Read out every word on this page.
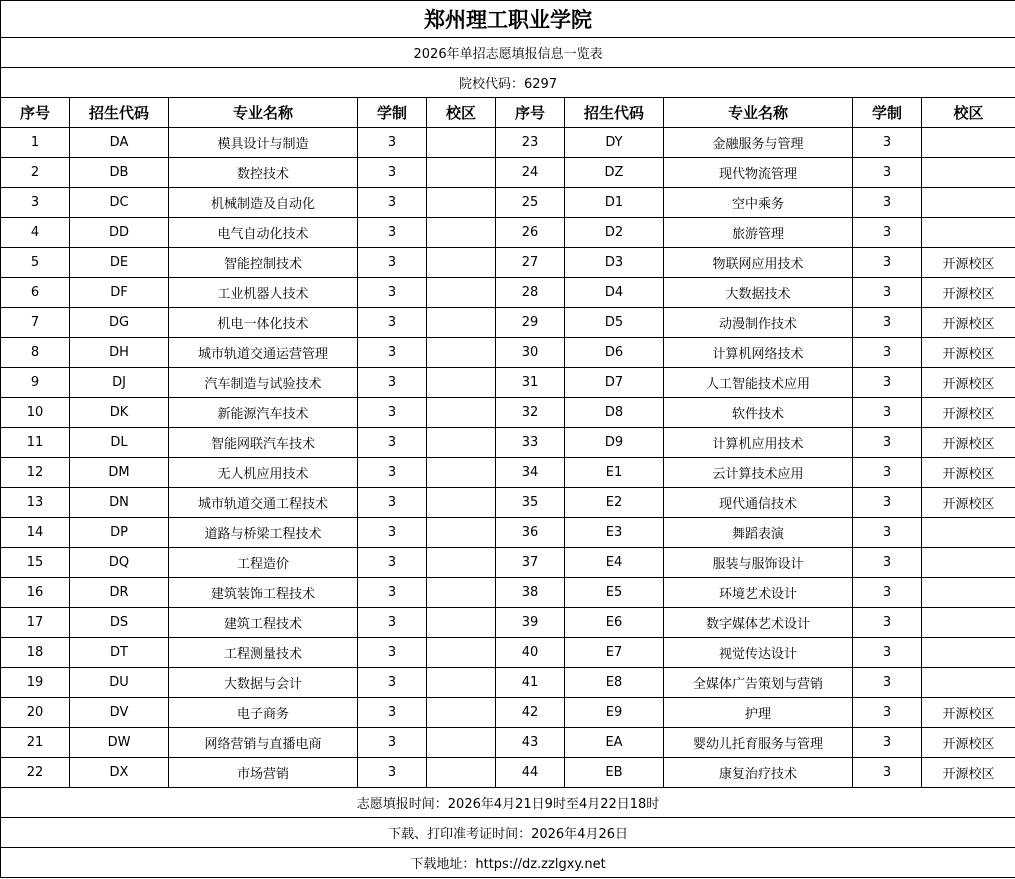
郑州理工职业学院									
2026年单招志愿填报信息一览表									
院校代码：6297									
序号	招生代码	专业名称	学制	校区	序号	招生代码	专业名称	学制	校区
1	DA	模具设计与制造	3		23	DY	金融服务与管理	3	
2	DB	数控技术	3		24	DZ	现代物流管理	3	
3	DC	机械制造及自动化	3		25	D1	空中乘务	3	
4	DD	电气自动化技术	3		26	D2	旅游管理	3	
5	DE	智能控制技术	3		27	D3	物联网应用技术	3	开源校区
6	DF	工业机器人技术	3		28	D4	大数据技术	3	开源校区
7	DG	机电一体化技术	3		29	D5	动漫制作技术	3	开源校区
8	DH	城市轨道交通运营管理	3		30	D6	计算机网络技术	3	开源校区
9	DJ	汽车制造与试验技术	3		31	D7	人工智能技术应用	3	开源校区
10	DK	新能源汽车技术	3		32	D8	软件技术	3	开源校区
11	DL	智能网联汽车技术	3		33	D9	计算机应用技术	3	开源校区
12	DM	无人机应用技术	3		34	E1	云计算技术应用	3	开源校区
13	DN	城市轨道交通工程技术	3		35	E2	现代通信技术	3	开源校区
14	DP	道路与桥梁工程技术	3		36	E3	舞蹈表演	3	
15	DQ	工程造价	3		37	E4	服装与服饰设计	3	
16	DR	建筑装饰工程技术	3		38	E5	环境艺术设计	3	
17	DS	建筑工程技术	3		39	E6	数字媒体艺术设计	3	
18	DT	工程测量技术	3		40	E7	视觉传达设计	3	
19	DU	大数据与会计	3		41	E8	全媒体广告策划与营销	3	
20	DV	电子商务	3		42	E9	护理	3	开源校区
21	DW	网络营销与直播电商	3		43	EA	婴幼儿托育服务与管理	3	开源校区
22	DX	市场营销	3		44	EB	康复治疗技术	3	开源校区
志愿填报时间：2026年4月21日9时至4月22日18时									
下载、打印准考证时间：2026年4月26日									
下载地址：https://dz.zzlgxy.net									
